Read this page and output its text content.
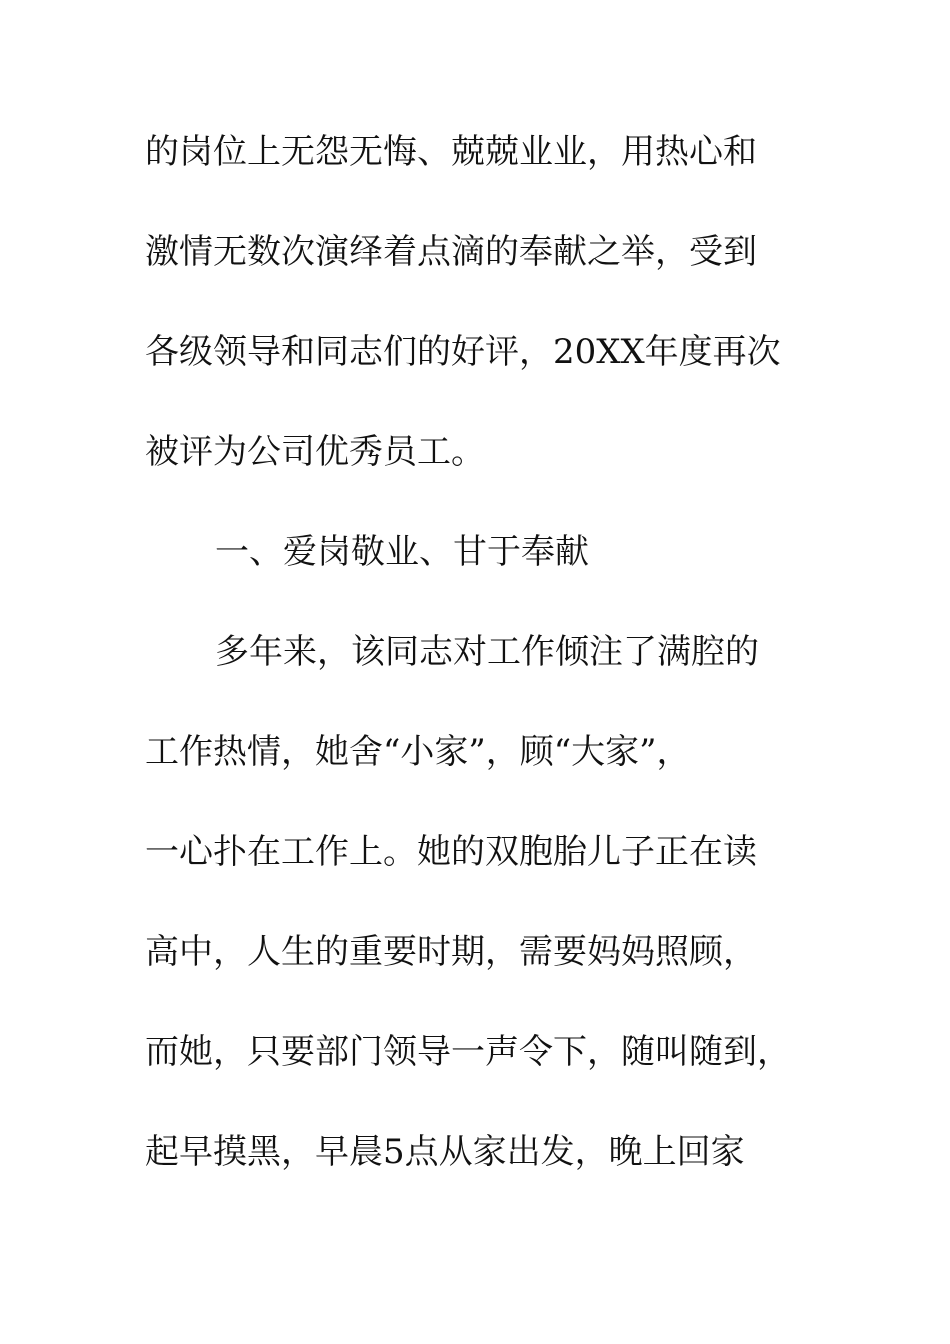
的岗位上无怨无悔、兢兢业业，用热心和

激情无数次演绎着点滴的奉献之举，受到

各级领导和同志们的好评，20XX年度再次

被评为公司优秀员工。

一、爱岗敬业、甘于奉献

多年来，该同志对工作倾注了满腔的

工作热情，她舍“小家”，顾“大家”，

一心扑在工作上。她的双胞胎儿子正在读

高中，人生的重要时期，需要妈妈照顾，

而她，只要部门领导一声令下，随叫随到，

起早摸黑，早晨5点从家出发，晚上回家
